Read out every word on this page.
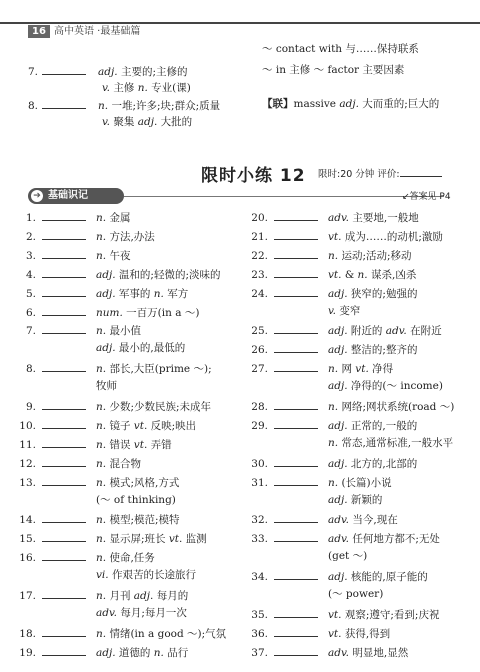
16 高中英语 ·最基础篇
7.	adj. 主要的;主修的
v. 主修 n. 专业(课)
8.	n. 一堆;许多;块;群众;质量
v. 聚集 adj. 大批的
～ contact with 与……保持联系
～ in 主修 ～ factor 主要因素
【联】massive adj. 大而重的;巨大的
限时小练 12 限时:20 分钟 评价:
➔ 基础识记	↙答案见 P4
1.	n. 金属
2.	n. 方法,办法
3.	n. 午夜
4.	adj. 温和的;轻微的;淡味的
5.	adj. 军事的 n. 军方
6.	num. 一百万(in a ～)
7.	n. 最小值
adj. 最小的,最低的
8.	n. 部长,大臣(prime ～);
牧师
9.	n. 少数;少数民族;未成年
10.	n. 镜子 vt. 反映;映出
11.	n. 错误 vt. 弄错
12.	n. 混合物
13.	n. 模式;风格,方式
(～ of thinking)
14.	n. 模型;模范;模特
15.	n. 显示屏;班长 vt. 监测
16.	n. 使命,任务
vi. 作艰苦的长途旅行
17.	n. 月刊 adj. 每月的
adv. 每月;每月一次
18.	n. 情绪(in a good ～);气氛
19.	adj. 道德的 n. 品行
20.	adv. 主要地,一般地
21.	vt. 成为……的动机;激励
22.	n. 运动;活动;移动
23.	vt. & n. 谋杀,凶杀
24.	adj. 狭窄的;勉强的
v. 变窄
25.	adj. 附近的 adv. 在附近
26.	adj. 整洁的;整齐的
27.	n. 网 vt. 净得
adj. 净得的(～ income)
28.	n. 网络;网状系统(road ～)
29.	adj. 正常的,一般的
n. 常态,通常标准,一般水平
30.	adj. 北方的,北部的
31.	n. (长篇)小说
adj. 新颖的
32.	adv. 当今,现在
33.	adv. 任何地方都不;无处
(get ～)
34.	adj. 核能的,原子能的
(～ power)
35.	vt. 观察;遵守;看到;庆祝
36.	vt. 获得,得到
37.	adv. 明显地,显然
